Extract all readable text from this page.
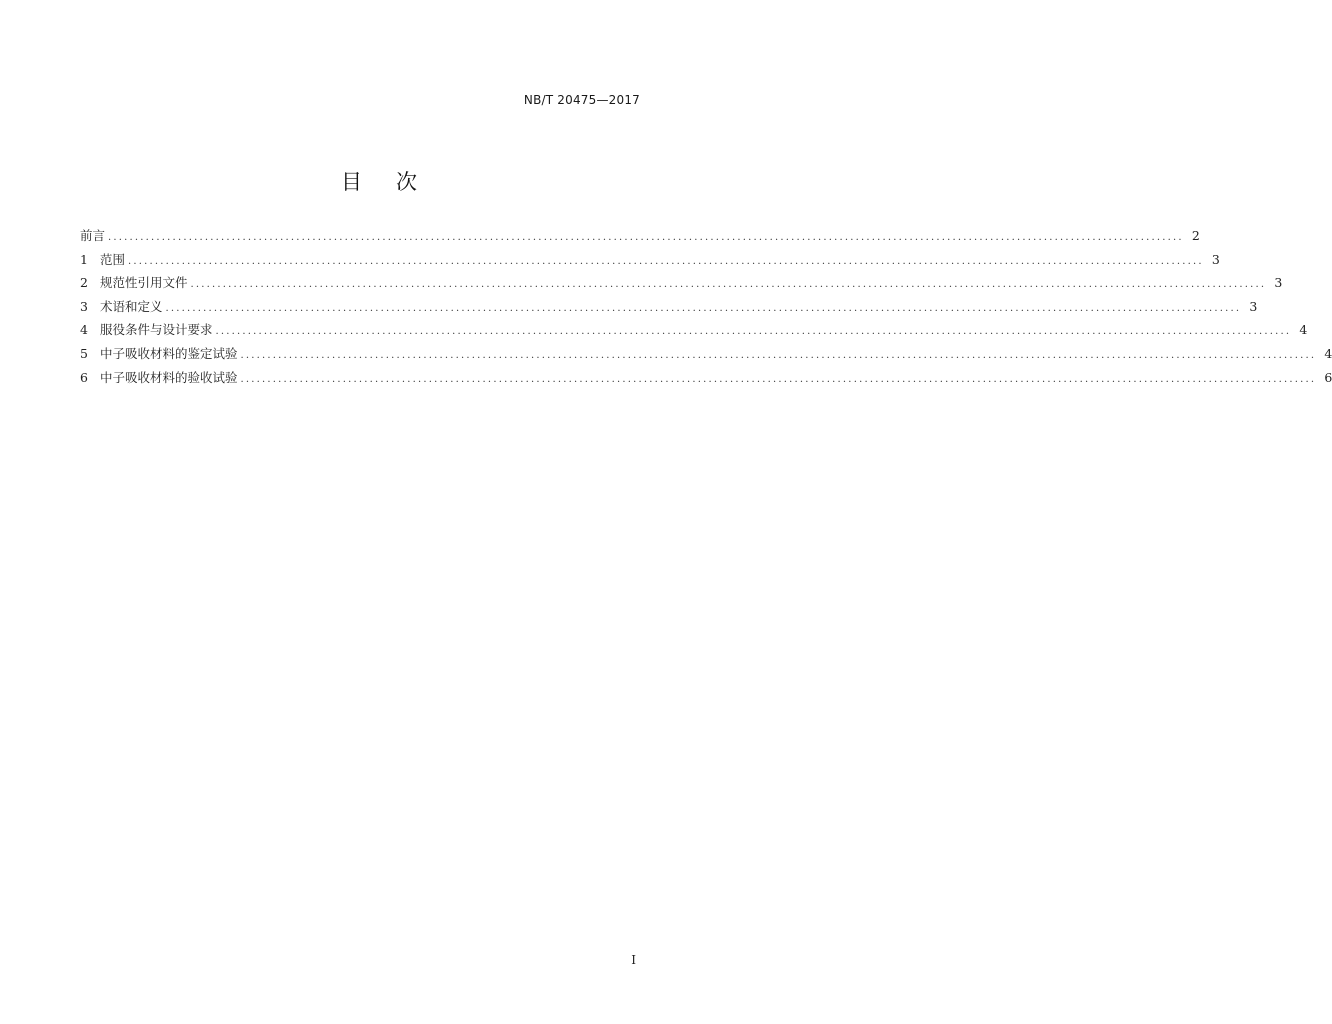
NB/T 20475—2017
目次
前言 ........................................................................................................................................................................................................ 2
1 范围 ........................................................................................................................................................................................................ 3
2 规范性引用文件 ........................................................................................................................................................................................................ 3
3 术语和定义 ........................................................................................................................................................................................................ 3
4 服役条件与设计要求 ........................................................................................................................................................................................................ 4
5 中子吸收材料的鉴定试验 ........................................................................................................................................................................................................ 4
6 中子吸收材料的验收试验 ........................................................................................................................................................................................................ 6
I
